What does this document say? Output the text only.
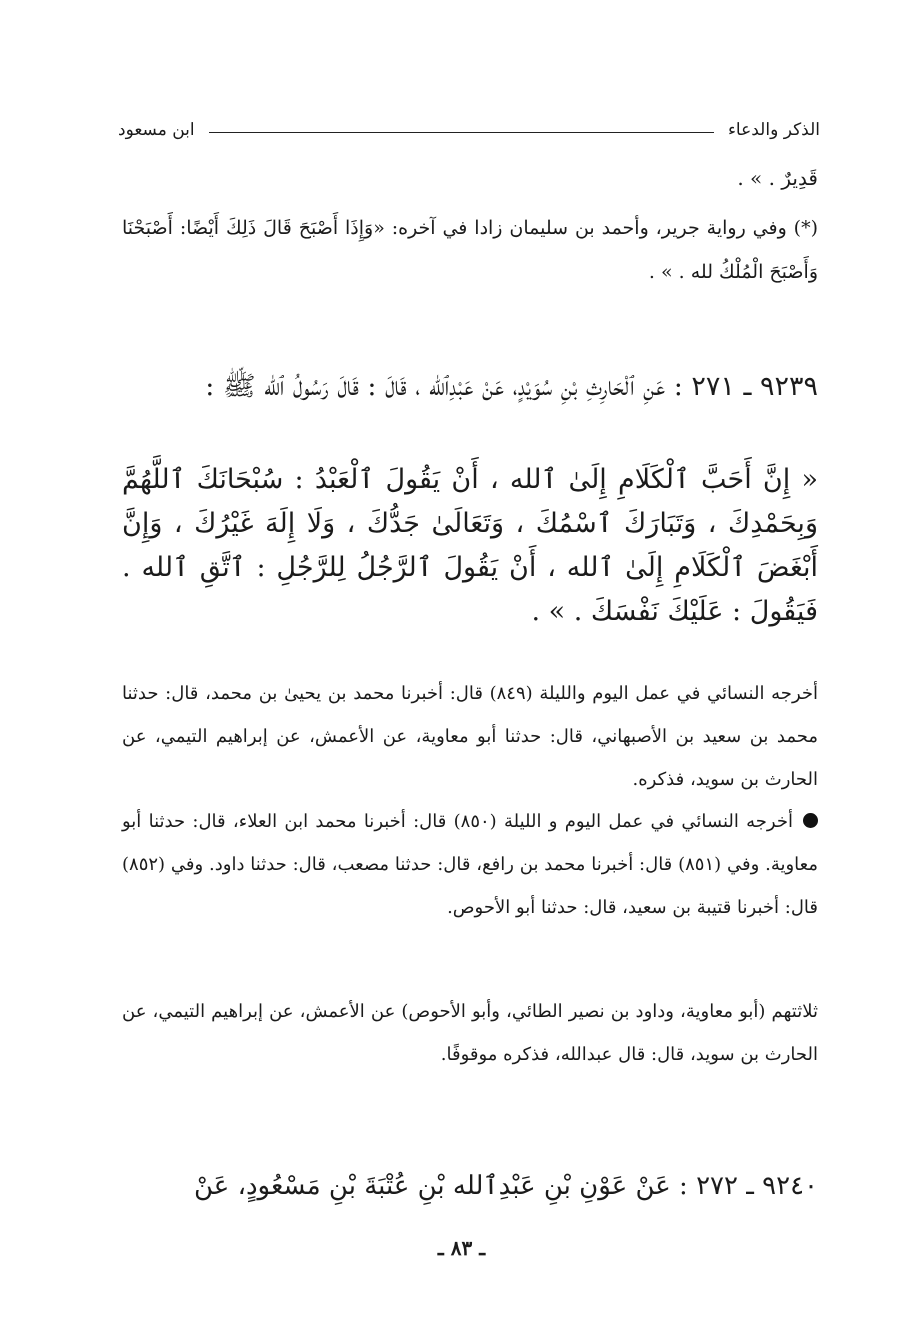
الذكر والدعاء
ابن مسعود
قَدِيرٌ . » .
(*) وفي رواية جرير، وأحمد بن سليمان زادا في آخره: «وَإِذَا أَصْبَحَ قَالَ ذَلِكَ أَيْضًا: أَصْبَحْنَا وَأَصْبَحَ الْمُلْكُ لله . » .
٩٢٣٩ ـ ٢٧١ : عَنِ ٱلْحَارِثِ بْنِ سُوَيْدٍ، عَنْ عَبْدِٱلله ، قَالَ : قَالَ رَسُولُ ٱلله ﷺ :
« إِنَّ أَحَبَّ ٱلْكَلَامِ إِلَىٰ ٱلله ، أَنْ يَقُولَ ٱلْعَبْدُ : سُبْحَانَكَ ٱللَّهُمَّ وَبِحَمْدِكَ ، وَتَبَارَكَ ٱسْمُكَ ، وَتَعَالَىٰ جَدُّكَ ، وَلَا إِلَهَ غَيْرُكَ ، وَإِنَّ أَبْغَضَ ٱلْكَلَامِ إِلَىٰ ٱلله ، أَنْ يَقُولَ ٱلرَّجُلُ لِلرَّجُلِ : ٱتَّقِ ٱلله . فَيَقُولَ : عَلَيْكَ نَفْسَكَ . » .
أخرجه النسائي في عمل اليوم والليلة (٨٤٩) قال: أخبرنا محمد بن يحيىٰ بن محمد، قال: حدثنا محمد بن سعيد بن الأصبهاني، قال: حدثنا أبو معاوية، عن الأعمش، عن إبراهيم التيمي، عن الحارث بن سويد، فذكره.
أخرجه النسائي في عمل اليوم و الليلة (٨٥٠) قال: أخبرنا محمد ابن العلاء، قال: حدثنا أبو معاوية. وفي (٨٥١) قال: أخبرنا محمد بن رافع، قال: حدثنا مصعب، قال: حدثنا داود. وفي (٨٥٢) قال: أخبرنا قتيبة بن سعيد، قال: حدثنا أبو الأحوص.
ثلاثتهم (أبو معاوية، وداود بن نصير الطائي، وأبو الأحوص) عن الأعمش، عن إبراهيم التيمي، عن الحارث بن سويد، قال: قال عبدالله، فذكره موقوفًا.
٩٢٤٠ ـ ٢٧٢ : عَنْ عَوْنِ بْنِ عَبْدِٱلله بْنِ عُتْبَةَ بْنِ مَسْعُودٍ، عَنْ
ـ ٨٣ ـ
